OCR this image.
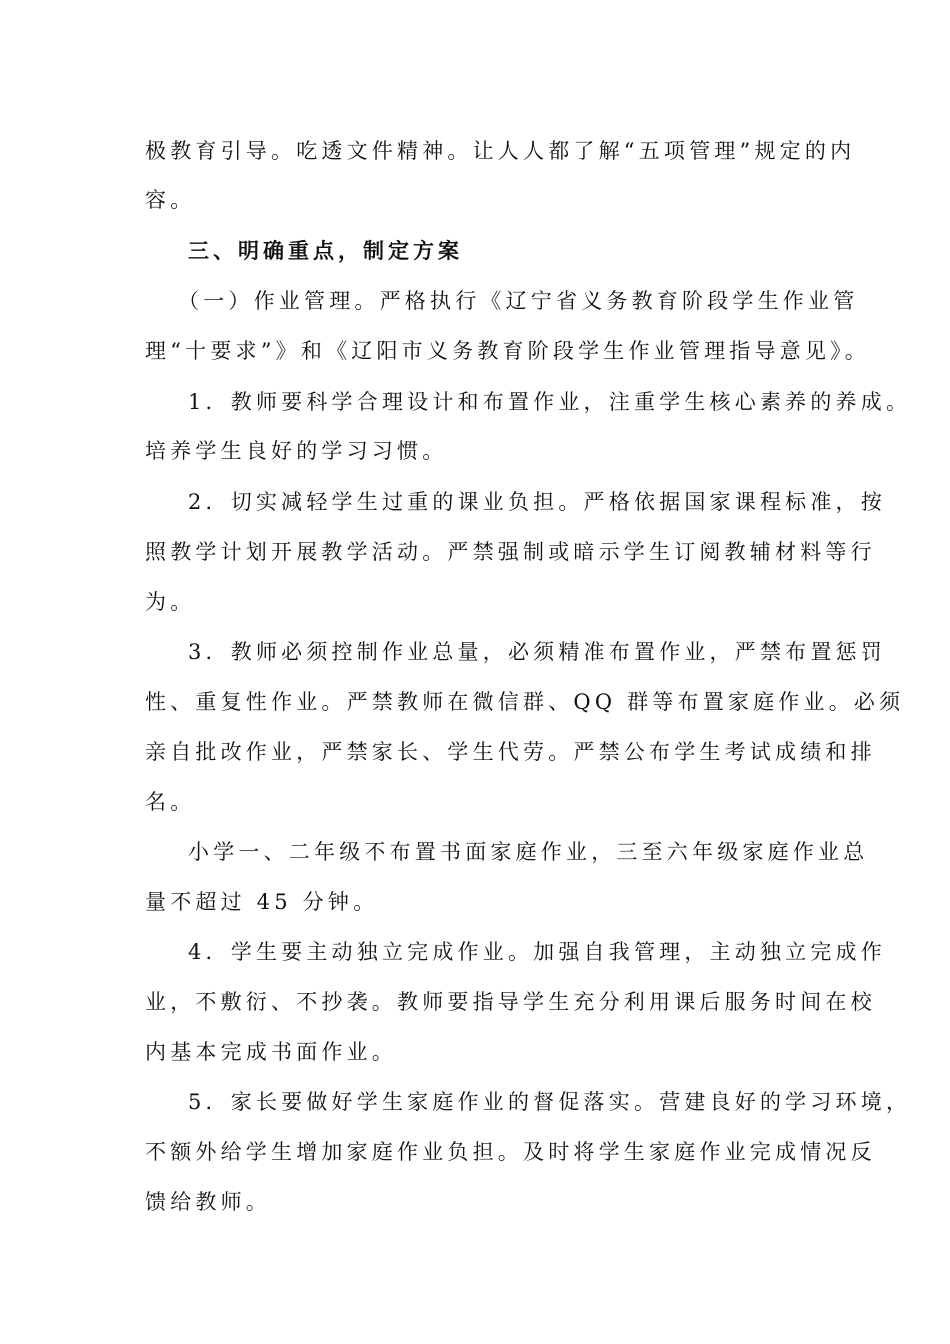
极教育引导。吃透文件精神。让人人都了解“五项管理”规定的内
容。
三、明确重点，制定方案
（一）作业管理。严格执行《辽宁省义务教育阶段学生作业管
理“十要求”》和《辽阳市义务教育阶段学生作业管理指导意见》。
1．教师要科学合理设计和布置作业，注重学生核心素养的养成。
培养学生良好的学习习惯。
2．切实减轻学生过重的课业负担。严格依据国家课程标准，按
照教学计划开展教学活动。严禁强制或暗示学生订阅教辅材料等行
为。
3．教师必须控制作业总量，必须精准布置作业，严禁布置惩罚
性、重复性作业。严禁教师在微信群、QQ 群等布置家庭作业。必须
亲自批改作业，严禁家长、学生代劳。严禁公布学生考试成绩和排
名。
小学一、二年级不布置书面家庭作业，三至六年级家庭作业总
量不超过 45 分钟。
4．学生要主动独立完成作业。加强自我管理，主动独立完成作
业，不敷衍、不抄袭。教师要指导学生充分利用课后服务时间在校
内基本完成书面作业。
5．家长要做好学生家庭作业的督促落实。营建良好的学习环境，
不额外给学生增加家庭作业负担。及时将学生家庭作业完成情况反
馈给教师。
